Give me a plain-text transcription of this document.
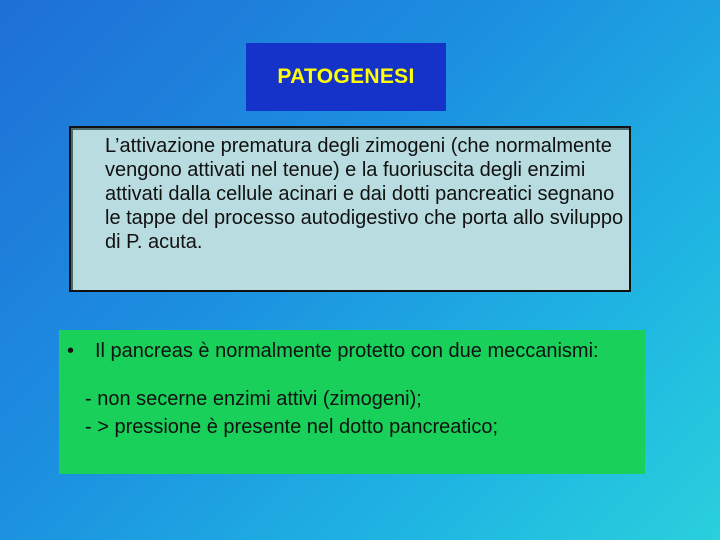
PATOGENESI

L’attivazione prematura degli zimogeni (che normalmente vengono attivati nel tenue) e la fuoriuscita degli enzimi attivati dalla cellule acinari e dai dotti pancreatici segnano le tappe del processo autodigestivo che porta allo sviluppo di P. acuta.

• Il pancreas è normalmente protetto con due meccanismi:
- non secerne enzimi attivi (zimogeni);
- > pressione è presente nel dotto pancreatico;
